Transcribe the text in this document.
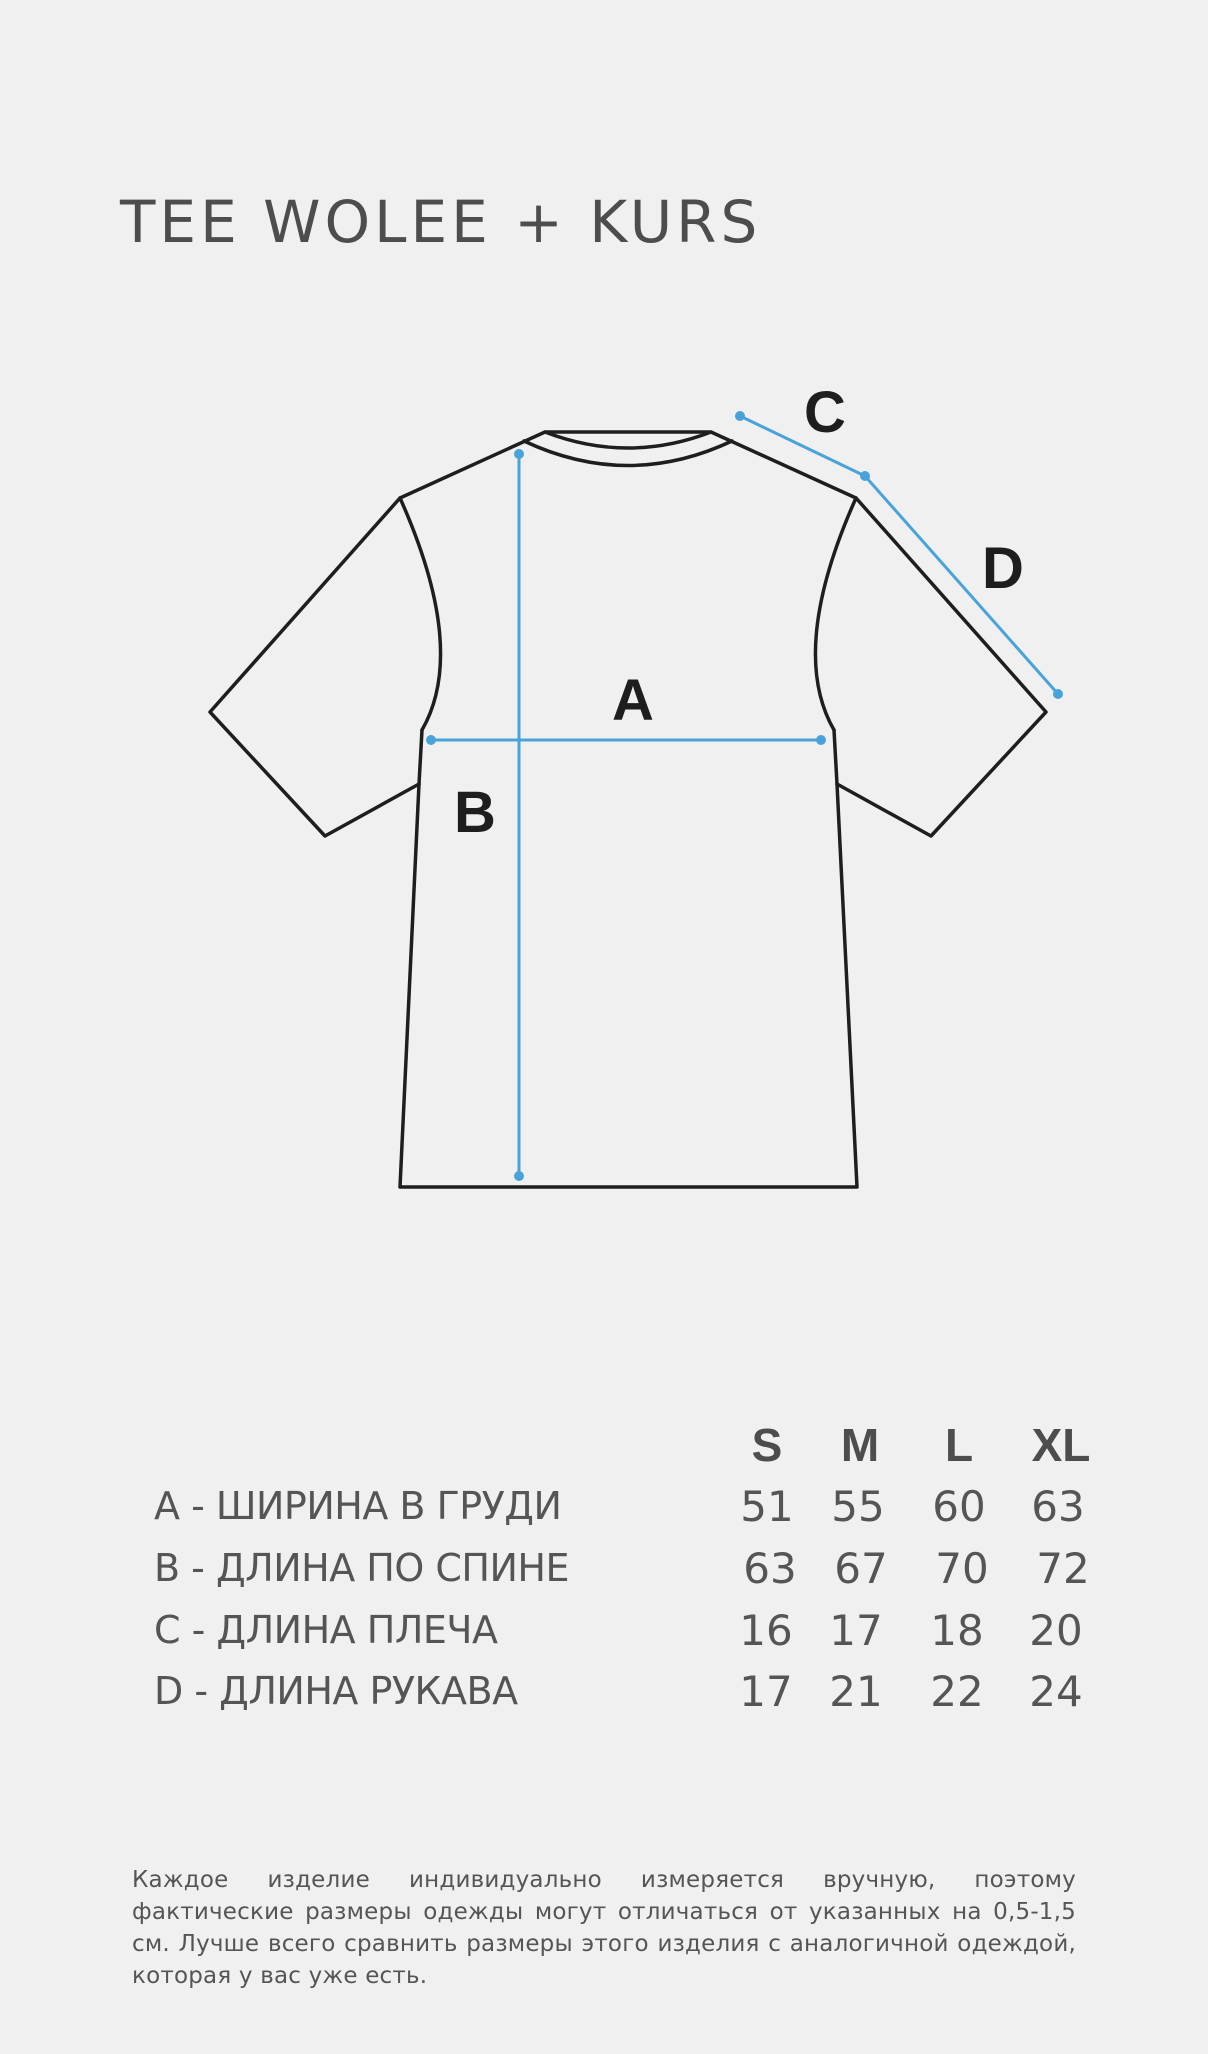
TEE WOLEE + KURS
A
B
C
D
S	M	L	XL
A - ШИРИНА В ГРУДИ	51 55	60	63
B - ДЛИНА ПО СПИНЕ	63 67	70	72
C - ДЛИНА ПЛЕЧА	16 17	18	20
D - ДЛИНА РУКАВА	17 21	22	24
Каждое изделие индивидуально измеряется вручную, поэтому фактические размеры одежды могут отличаться от указанных на 0,5-1,5 см. Лучше всего сравнить размеры этого изделия с аналогичной одеждой, которая у вас уже есть.
